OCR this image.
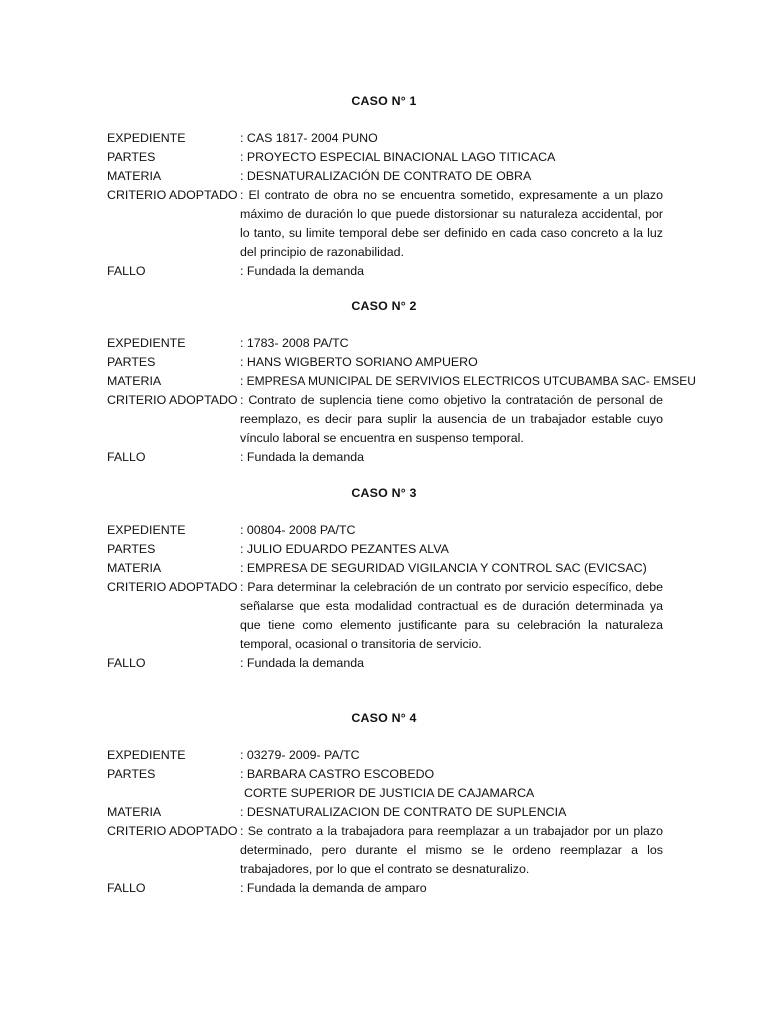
CASO N° 1
EXPEDIENTE	: CAS 1817- 2004 PUNO
PARTES	: PROYECTO ESPECIAL BINACIONAL LAGO TITICACA
MATERIA	: DESNATURALIZACIÓN DE CONTRATO DE OBRA
CRITERIO ADOPTADO : El contrato de obra no se encuentra sometido, expresamente a un plazo máximo de duración lo que puede distorsionar su naturaleza accidental, por lo tanto, su limite temporal debe ser definido en cada caso concreto a la luz del principio de razonabilidad.
FALLO	: Fundada la demanda
CASO N° 2
EXPEDIENTE	: 1783- 2008 PA/TC
PARTES	: HANS WIGBERTO SORIANO AMPUERO
MATERIA	: EMPRESA MUNICIPAL DE SERVIVIOS ELECTRICOS UTCUBAMBA SAC- EMSEU
CRITERIO ADOPTADO : Contrato de suplencia tiene como objetivo la contratación de personal de reemplazo, es decir para suplir la ausencia de un trabajador estable cuyo vínculo laboral se encuentra en suspenso temporal.
FALLO	: Fundada la demanda
CASO N° 3
EXPEDIENTE	: 00804- 2008 PA/TC
PARTES	: JULIO EDUARDO PEZANTES ALVA
MATERIA	: EMPRESA DE SEGURIDAD VIGILANCIA Y CONTROL SAC (EVICSAC)
CRITERIO ADOPTADO : Para determinar la celebración de un contrato por servicio específico, debe señalarse que esta modalidad contractual es de duración determinada ya que tiene como elemento justificante para su celebración la naturaleza temporal, ocasional o transitoria de servicio.
FALLO	: Fundada la demanda
CASO N° 4
EXPEDIENTE	: 03279- 2009- PA/TC
PARTES	: BARBARA CASTRO ESCOBEDO
CORTE SUPERIOR DE JUSTICIA DE CAJAMARCA
MATERIA	: DESNATURALIZACION DE CONTRATO DE SUPLENCIA
CRITERIO ADOPTADO : Se contrato a la trabajadora para reemplazar a un trabajador por un plazo determinado, pero durante el mismo se le ordeno reemplazar a los trabajadores, por lo que el contrato se desnaturalizo.
FALLO	: Fundada la demanda de amparo
